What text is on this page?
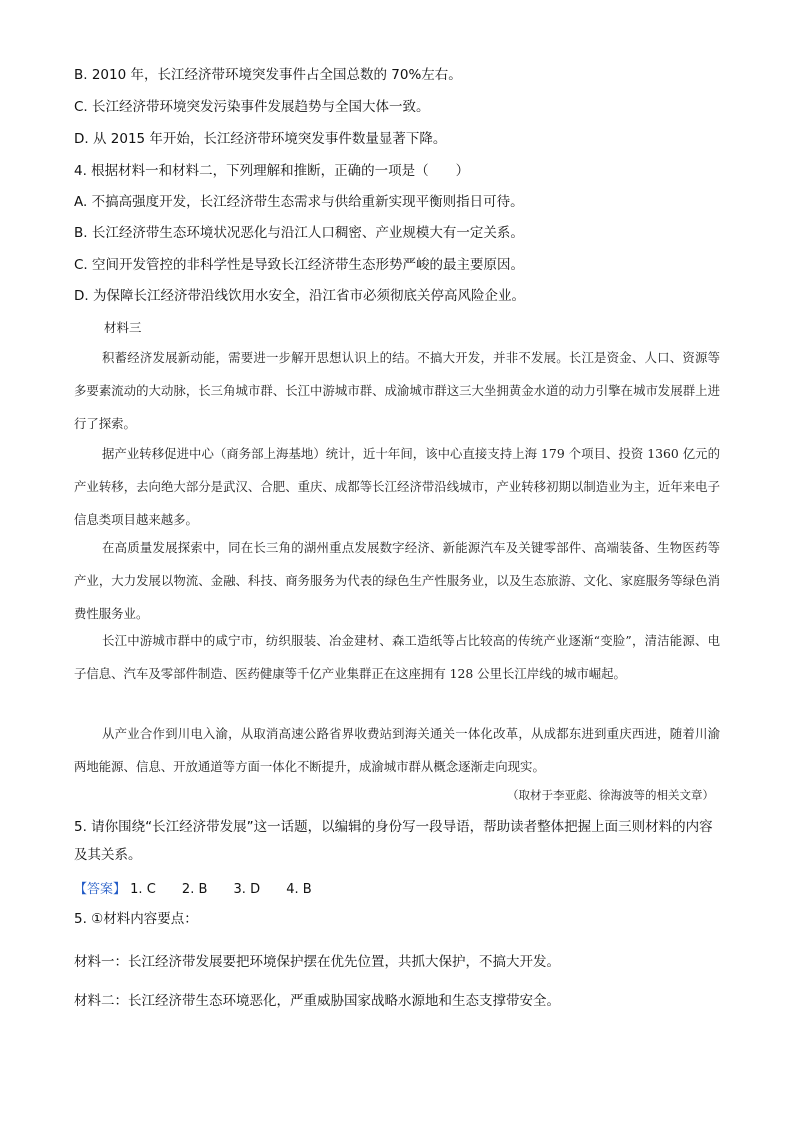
B. 2010 年，长江经济带环境突发事件占全国总数的 70%左右。
C. 长江经济带环境突发污染事件发展趋势与全国大体一致。
D. 从 2015 年开始，长江经济带环境突发事件数量显著下降。
4. 根据材料一和材料二，下列理解和推断，正确的一项是（　　）
A. 不搞高强度开发，长江经济带生态需求与供给重新实现平衡则指日可待。
B. 长江经济带生态环境状况恶化与沿江人口稠密、产业规模大有一定关系。
C. 空间开发管控的非科学性是导致长江经济带生态形势严峻的最主要原因。
D. 为保障长江经济带沿线饮用水安全，沿江省市必须彻底关停高风险企业。
材料三
积蓄经济发展新动能，需要进一步解开思想认识上的结。不搞大开发，并非不发展。长江是资金、人口、资源等多要素流动的大动脉，长三角城市群、长江中游城市群、成渝城市群这三大坐拥黄金水道的动力引擎在城市发展群上进行了探索。
据产业转移促进中心（商务部上海基地）统计，近十年间，该中心直接支持上海 179 个项目、投资 1360 亿元的产业转移，去向绝大部分是武汉、合肥、重庆、成都等长江经济带沿线城市，产业转移初期以制造业为主，近年来电子信息类项目越来越多。
在高质量发展探索中，同在长三角的湖州重点发展数字经济、新能源汽车及关键零部件、高端装备、生物医药等产业，大力发展以物流、金融、科技、商务服务为代表的绿色生产性服务业，以及生态旅游、文化、家庭服务等绿色消费性服务业。
长江中游城市群中的咸宁市，纺织服装、冶金建材、森工造纸等占比较高的传统产业逐渐“变脸”，清洁能源、电子信息、汽车及零部件制造、医药健康等千亿产业集群正在这座拥有 128 公里长江岸线的城市崛起。
从产业合作到川电入渝，从取消高速公路省界收费站到海关通关一体化改革，从成都东进到重庆西进，随着川渝两地能源、信息、开放通道等方面一体化不断提升，成渝城市群从概念逐渐走向现实。
（取材于李亚彪、徐海波等的相关文章）
5. 请你围绕“长江经济带发展”这一话题，以编辑的身份写一段导语，帮助读者整体把握上面三则材料的内容及其关系。
【答案】 1. C 2. B 3. D 4. B
5. ①材料内容要点：
材料一：长江经济带发展要把环境保护摆在优先位置，共抓大保护，不搞大开发。
材料二：长江经济带生态环境恶化，严重威胁国家战略水源地和生态支撑带安全。
